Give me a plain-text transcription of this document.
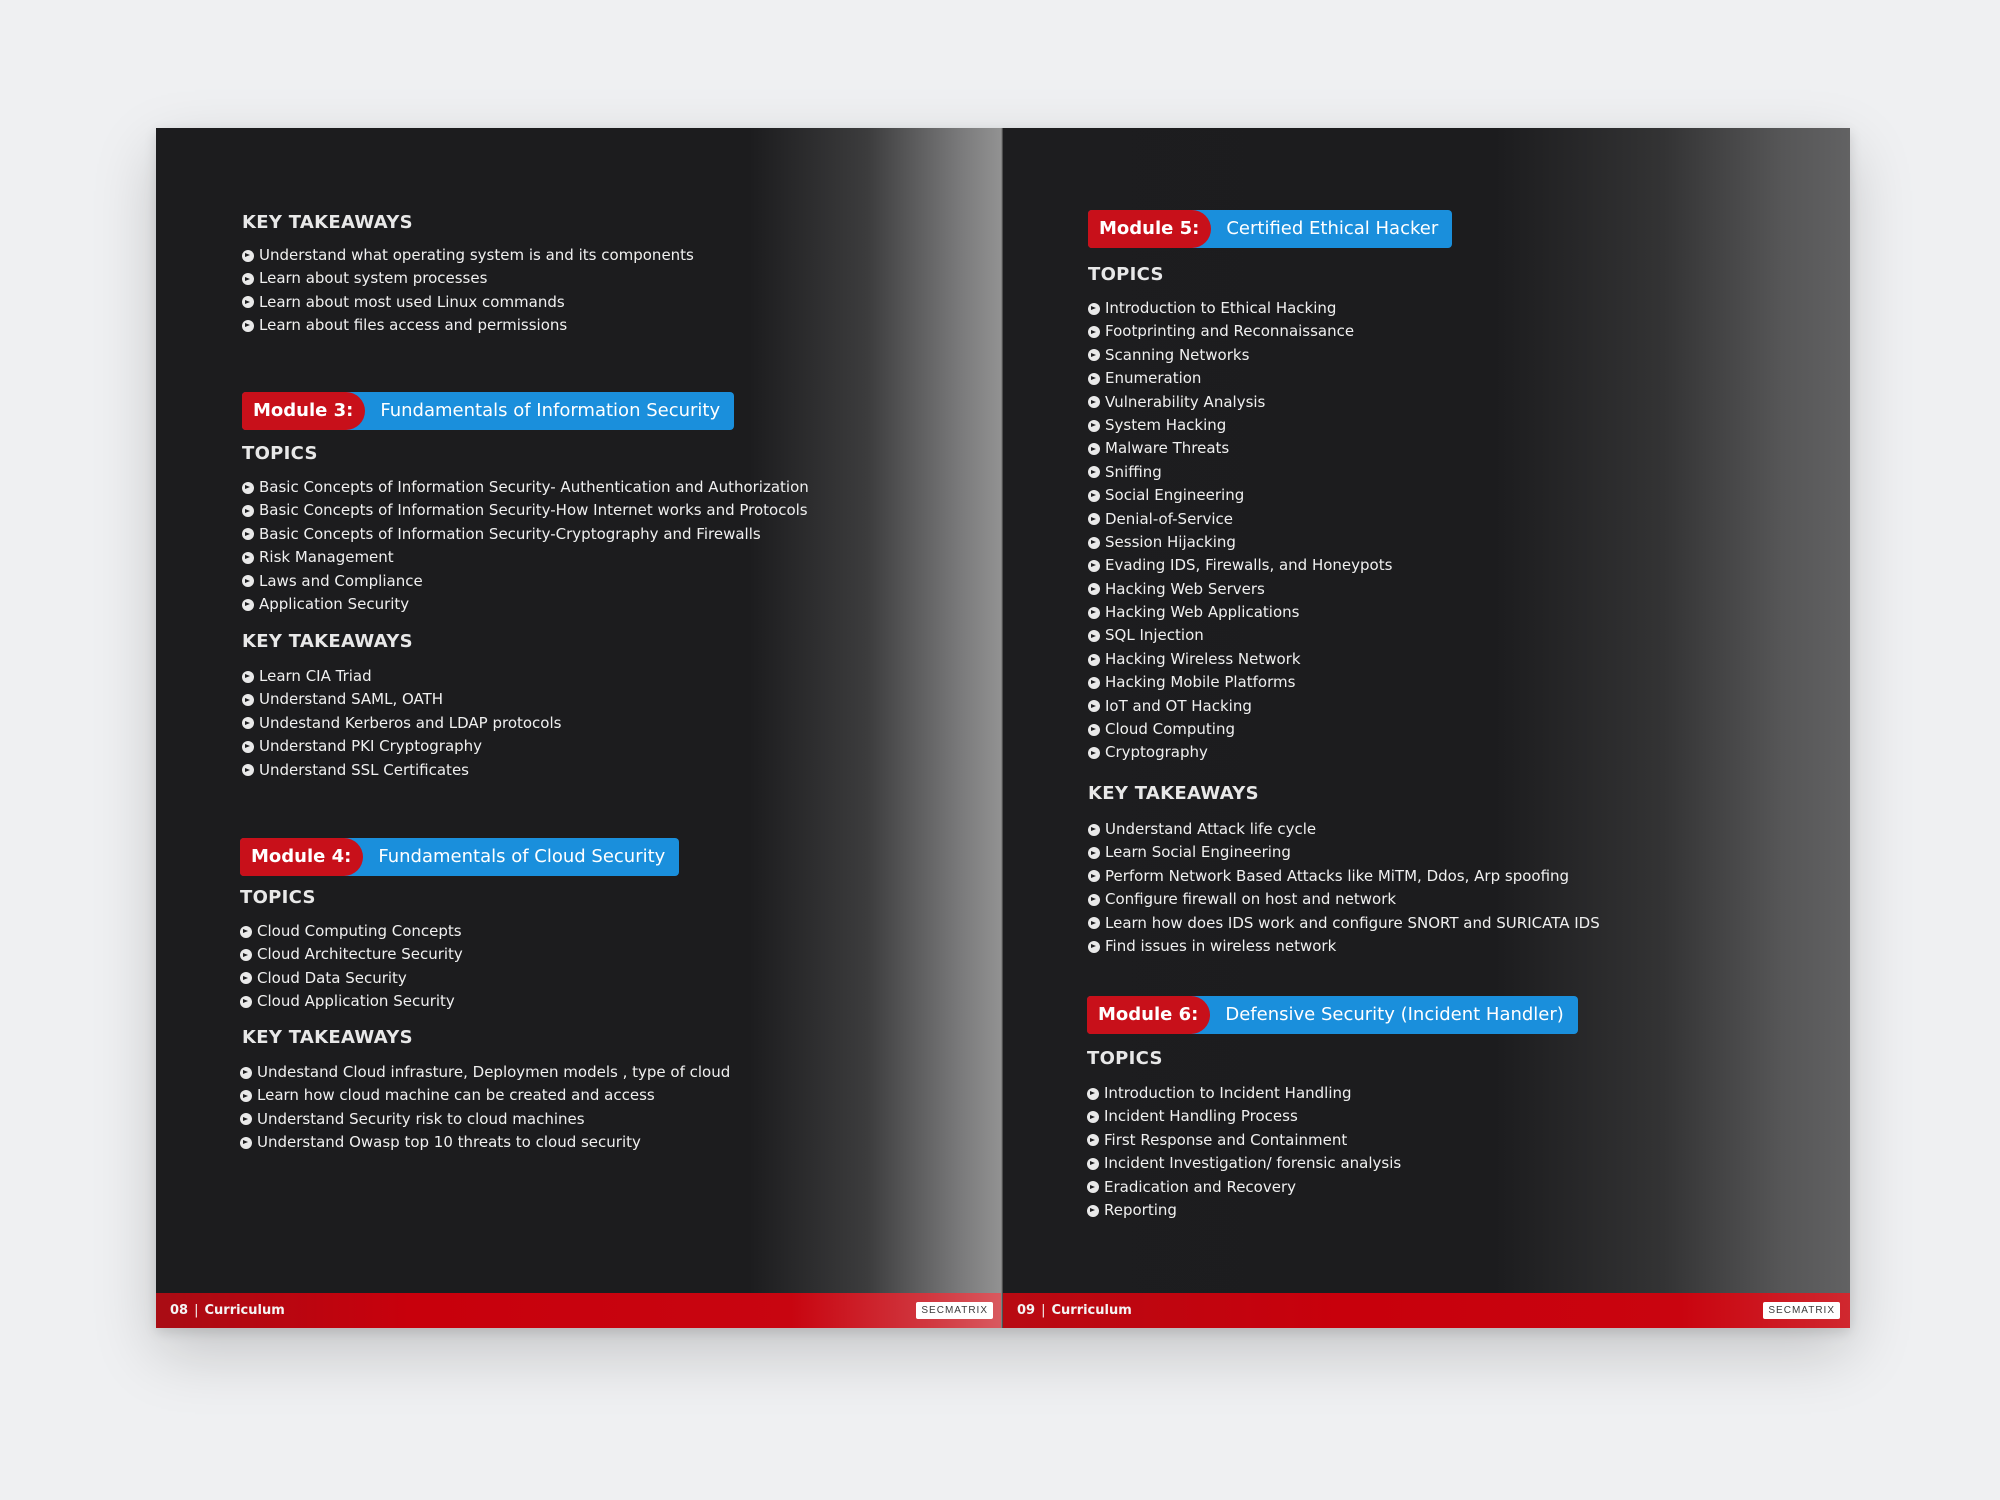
KEY TAKEAWAYS
Understand what operating system is and its components
Learn about system processes
Learn about most used Linux commands
Learn about files access and permissions
Module 3:	Fundamentals of Information Security
TOPICS
Basic Concepts of Information Security- Authentication and Authorization
Basic Concepts of Information Security-How Internet works and Protocols
Basic Concepts of Information Security-Cryptography and Firewalls
Risk Management
Laws and Compliance
Application Security
KEY TAKEAWAYS
Learn CIA Triad
Understand SAML, OATH
Undestand Kerberos and LDAP protocols
Understand PKI Cryptography
Understand SSL Certificates
Module 4:	Fundamentals of Cloud Security
TOPICS
Cloud Computing Concepts
Cloud Architecture Security
Cloud Data Security
Cloud Application Security
KEY TAKEAWAYS
Undestand Cloud infrasture, Deploymen models , type of cloud
Learn how cloud machine can be created and access
Understand Security risk to cloud machines
Understand Owasp top 10 threats to cloud security
08 | Curriculum	SECMATRIX
Module 5:	Certified Ethical Hacker
TOPICS
Introduction to Ethical Hacking
Footprinting and Reconnaissance
Scanning Networks
Enumeration
Vulnerability Analysis
System Hacking
Malware Threats
Sniffing
Social Engineering
Denial-of-Service
Session Hijacking
Evading IDS, Firewalls, and Honeypots
Hacking Web Servers
Hacking Web Applications
SQL Injection
Hacking Wireless Network
Hacking Mobile Platforms
IoT and OT Hacking
Cloud Computing
Cryptography
KEY TAKEAWAYS
Understand Attack life cycle
Learn Social Engineering
Perform Network Based Attacks like MiTM, Ddos, Arp spoofing
Configure firewall on host and network
Learn how does IDS work and configure SNORT and SURICATA IDS
Find issues in wireless network
Module 6:	Defensive Security (Incident Handler)
TOPICS
Introduction to Incident Handling
Incident Handling Process
First Response and Containment
Incident Investigation/ forensic analysis
Eradication and Recovery
Reporting
09 | Curriculum	SECMATRIX
